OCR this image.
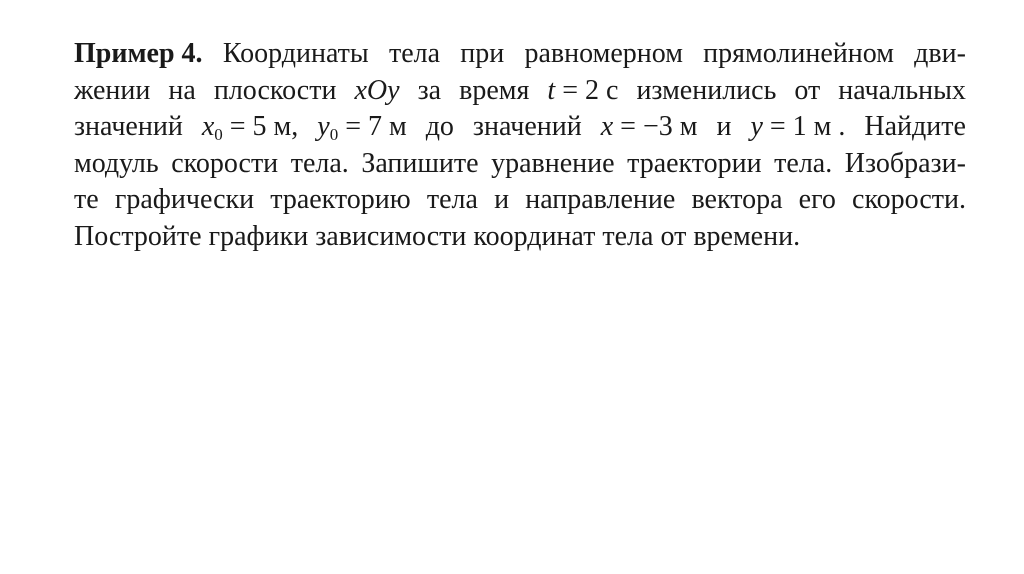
Пример 4. Координаты тела при равномерном прямолинейном дви-
жении на плоскости xOy за время t = 2 с изменились от начальных
значений $x_0 = 5$ м, $y_0 = 7$ м до значений x = −3 м и y = 1 м . Найдите
модуль скорости тела. Запишите уравнение траектории тела. Изобрази-
те графически траекторию тела и направление вектора его скорости.
Постройте графики зависимости координат тела от времени.
